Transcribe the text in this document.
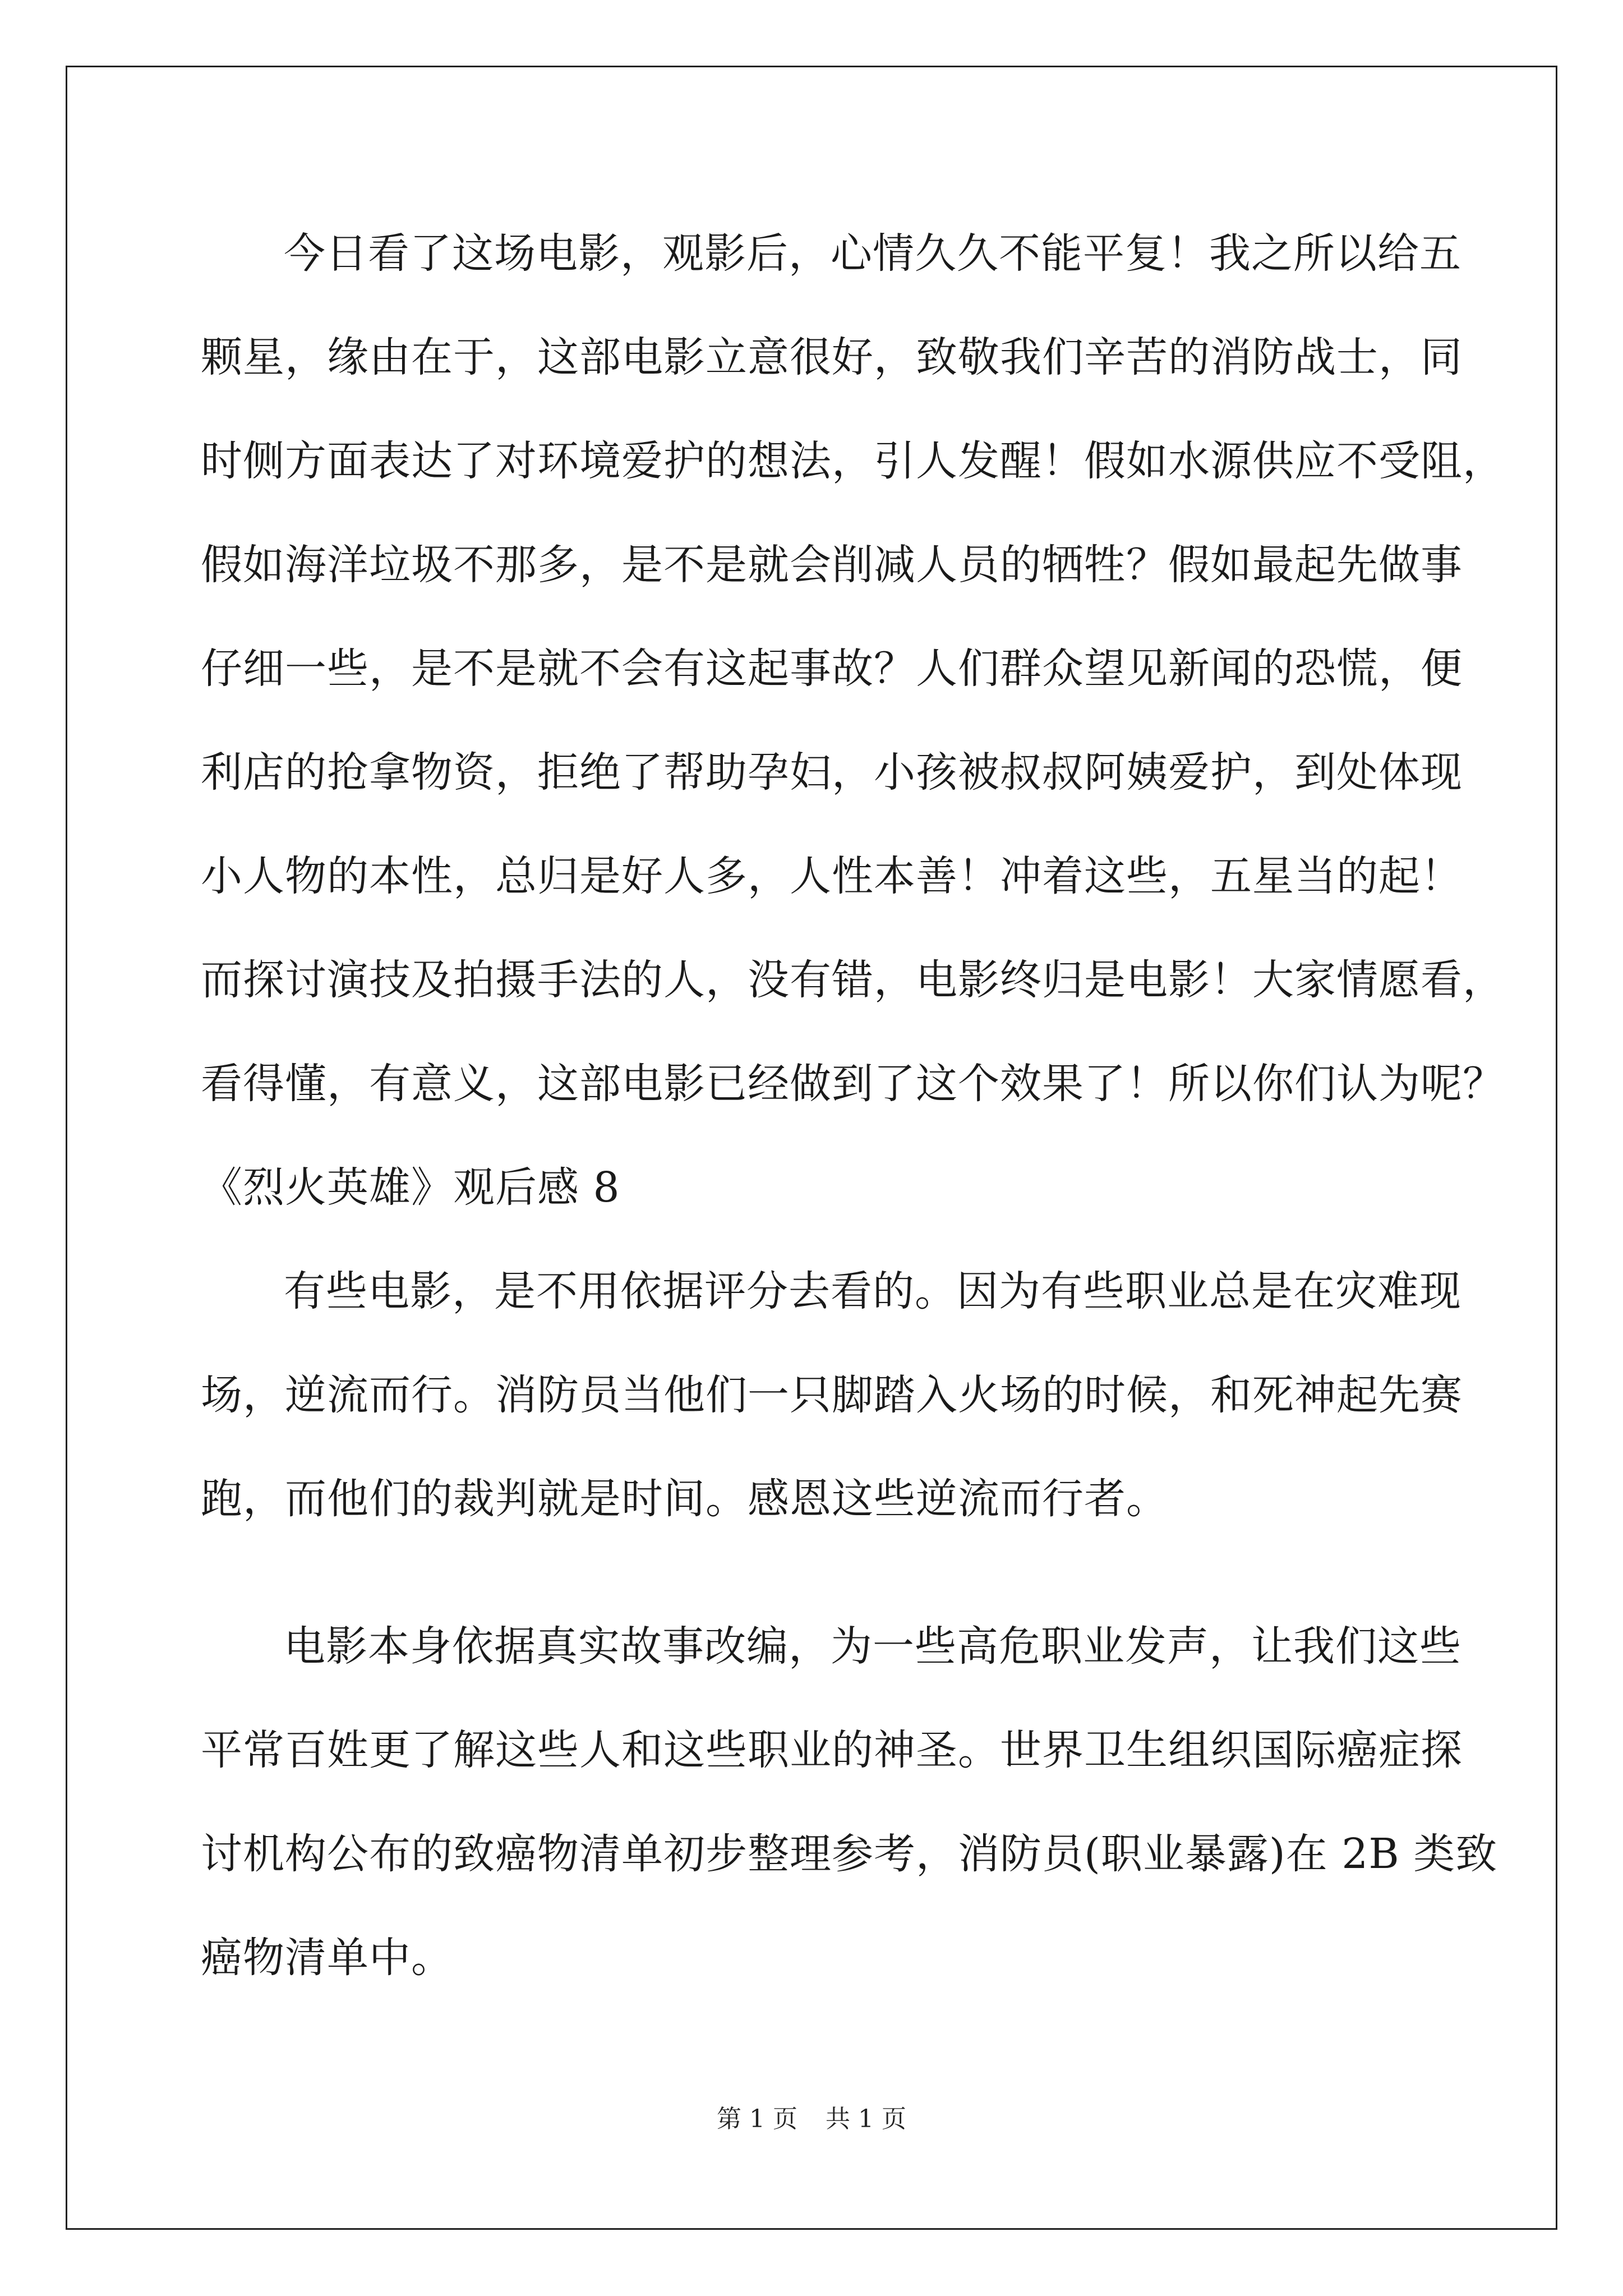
今日看了这场电影，观影后，心情久久不能平复！我之所以给五
颗星，缘由在于，这部电影立意很好，致敬我们辛苦的消防战士，同
时侧方面表达了对环境爱护的想法，引人发醒！假如水源供应不受阻，
假如海洋垃圾不那多，是不是就会削减人员的牺牲？假如最起先做事
仔细一些，是不是就不会有这起事故？人们群众望见新闻的恐慌，便
利店的抢拿物资，拒绝了帮助孕妇，小孩被叔叔阿姨爱护，到处体现
小人物的本性，总归是好人多，人性本善！冲着这些，五星当的起！
而探讨演技及拍摄手法的人，没有错，电影终归是电影！大家情愿看，
看得懂，有意义，这部电影已经做到了这个效果了！所以你们认为呢？
《烈火英雄》观后感 8
有些电影，是不用依据评分去看的。因为有些职业总是在灾难现
场，逆流而行。消防员当他们一只脚踏入火场的时候，和死神起先赛
跑，而他们的裁判就是时间。感恩这些逆流而行者。
电影本身依据真实故事改编，为一些高危职业发声，让我们这些
平常百姓更了解这些人和这些职业的神圣。世界卫生组织国际癌症探
讨机构公布的致癌物清单初步整理参考，消防员(职业暴露)在 2B 类致
癌物清单中。
第 1 页 共 1 页
